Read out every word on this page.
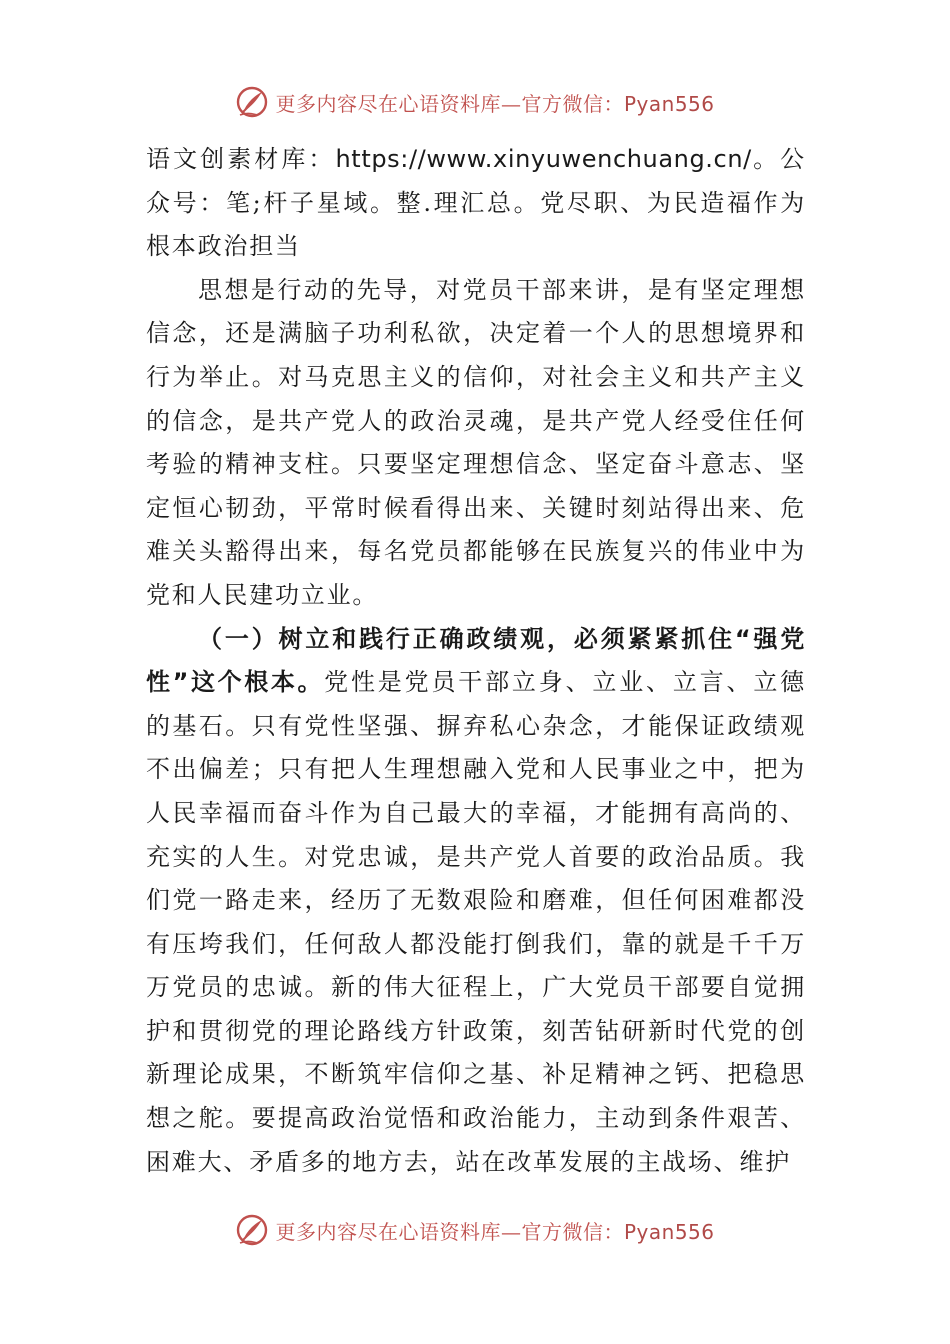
更多内容尽在心语资料库—官方微信：Pyan556

语文创素材库：https://www.xinyuwenchuang.cn/。公众号：笔;杆子星域。整.理汇总。党尽职、为民造福作为根本政治担当

思想是行动的先导，对党员干部来讲，是有坚定理想信念，还是满脑子功利私欲，决定着一个人的思想境界和行为举止。对马克思主义的信仰，对社会主义和共产主义的信念，是共产党人的政治灵魂，是共产党人经受住任何考验的精神支柱。只要坚定理想信念、坚定奋斗意志、坚定恒心韧劲，平常时候看得出来、关键时刻站得出来、危难关头豁得出来，每名党员都能够在民族复兴的伟业中为党和人民建功立业。

（一）树立和践行正确政绩观，必须紧紧抓住“强党性”这个根本。党性是党员干部立身、立业、立言、立德的基石。只有党性坚强、摒弃私心杂念，才能保证政绩观不出偏差；只有把人生理想融入党和人民事业之中，把为人民幸福而奋斗作为自己最大的幸福，才能拥有高尚的、充实的人生。对党忠诚，是共产党人首要的政治品质。我们党一路走来，经历了无数艰险和磨难，但任何困难都没有压垮我们，任何敌人都没能打倒我们，靠的就是千千万万党员的忠诚。新的伟大征程上，广大党员干部要自觉拥护和贯彻党的理论路线方针政策，刻苦钻研新时代党的创新理论成果，不断筑牢信仰之基、补足精神之钙、把稳思想之舵。要提高政治觉悟和政治能力，主动到条件艰苦、困难大、矛盾多的地方去，站在改革发展的主战场、维护

更多内容尽在心语资料库—官方微信：Pyan556
